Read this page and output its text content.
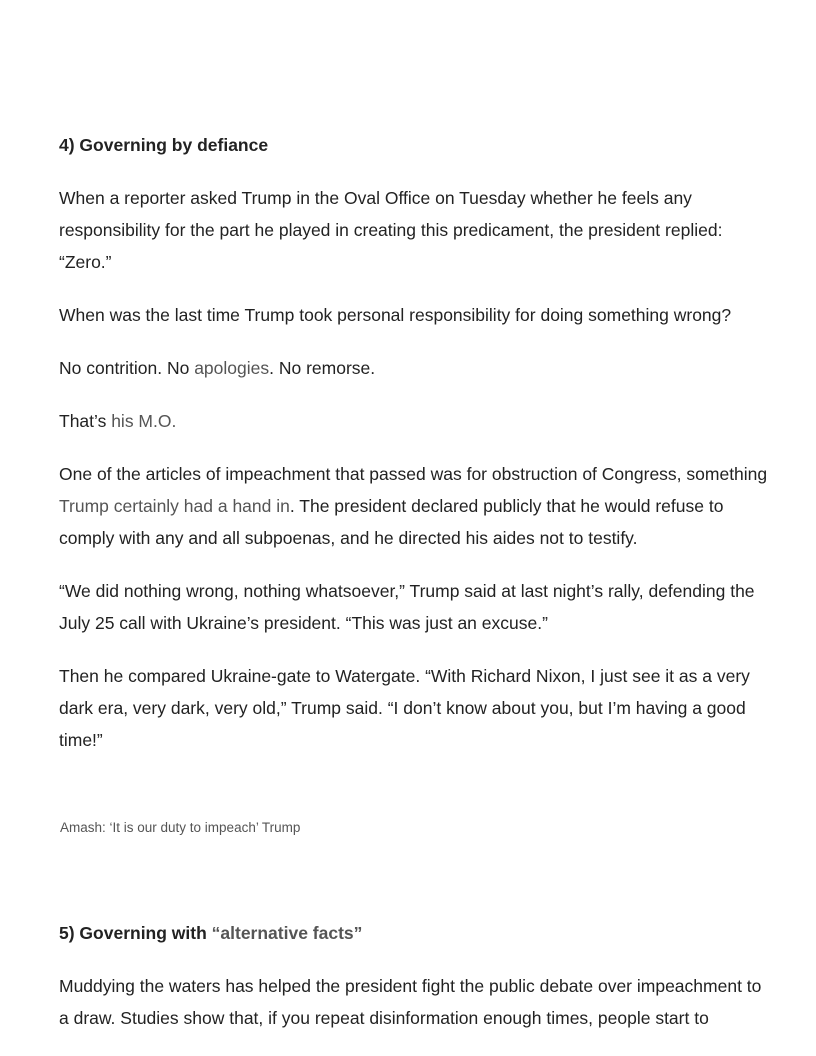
4) Governing by defiance

When a reporter asked Trump in the Oval Office on Tuesday whether he feels any responsibility for the part he played in creating this predicament, the president replied: “Zero.”

When was the last time Trump took personal responsibility for doing something wrong?

No contrition. No apologies. No remorse.

That’s his M.O.

One of the articles of impeachment that passed was for obstruction of Congress, something Trump certainly had a hand in. The president declared publicly that he would refuse to comply with any and all subpoenas, and he directed his aides not to testify.

“We did nothing wrong, nothing whatsoever,” Trump said at last night’s rally, defending the July 25 call with Ukraine’s president. “This was just an excuse.”

Then he compared Ukraine-gate to Watergate. “With Richard Nixon, I just see it as a very dark era, very dark, very old,” Trump said. “I don’t know about you, but I’m having a good time!”

Amash: ‘It is our duty to impeach’ Trump
5) Governing with “alternative facts”

Muddying the waters has helped the president fight the public debate over impeachment to a draw. Studies show that, if you repeat disinformation enough times, people start to
